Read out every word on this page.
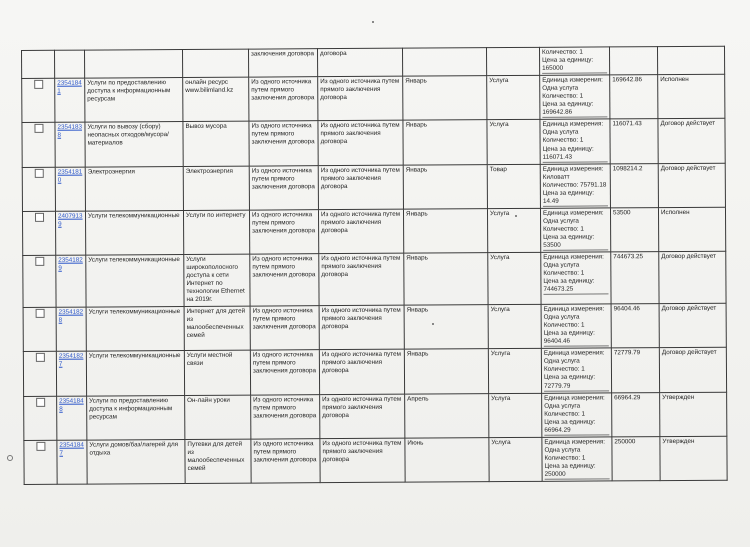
				заключения договора	договора			Количество: 1
Цена за единицу: 165000		

	23541841	Услуги по предоставлению доступа к информационным ресурсам	онлайн ресурс www.bilimland.kz	Из одного источника путем прямого заключения договора	Из одного источника путем прямого заключения договора	Январь	Услуга	Единица измерения: Одна услуга
Количество: 1
Цена за единицу: 169642.86	169642.86	Исполнен
	23541838	Услуги по вывозу (сбору) неопасных отходов/мусора/материалов	Вывоз мусора	Из одного источника путем прямого заключения договора	Из одного источника путем прямого заключения договора	Январь	Услуга	Единица измерения: Одна услуга
Количество: 1
Цена за единицу: 116071.43	116071.43	Договор действует
	23541810	Электроэнергия	Электроэнергия	Из одного источника путем прямого заключения договора	Из одного источника путем прямого заключения договора	Январь	Товар	Единица измерения: Киловатт
Количество: 75791.18
Цена за единицу: 14.49	1098214.2	Договор действует
	24079139	Услуги телекоммуникационные	Услуги по интернету	Из одного источника путем прямого заключения договора	Из одного источника путем прямого заключения договора	Январь	Услуга	Единица измерения: Одна услуга
Количество: 1
Цена за единицу: 53500	53500	Исполнен
	23541829	Услуги телекоммуникационные	Услуги широкополосного доступа к сети Интернет по технологии Ethernet на 2019г.	Из одного источника путем прямого заключения договора	Из одного источника путем прямого заключения договора	Январь	Услуга	Единица измерения: Одна услуга
Количество: 1
Цена за единицу: 744673.25	744673.25	Договор действует
	23541828	Услуги телекоммуникационные	Интернет для детей из малообеспеченных семей	Из одного источника путем прямого заключения договора	Из одного источника путем прямого заключения договора	Январь	Услуга	Единица измерения: Одна услуга
Количество: 1
Цена за единицу: 96404.46	96404.46	Договор действует
	23541827	Услуги телекоммуникационные	Услуги местной связи	Из одного источника путем прямого заключения договора	Из одного источника путем прямого заключения договора	Январь	Услуга	Единица измерения: Одна услуга
Количество: 1
Цена за единицу: 72779.79	72779.79	Договор действует
	23541848	Услуги по предоставлению доступа к информационным ресурсам	Он-лайн уроки	Из одного источника путем прямого заключения договора	Из одного источника путем прямого заключения договора	Апрель	Услуга	Единица измерения: Одна услуга
Количество: 1
Цена за единицу: 66964.29	66964.29	Утвержден
	23541847	Услуги домов/баз/лагерей для отдыха	Путевки для детей из малообеспеченных семей	Из одного источника путем прямого заключения договора	Из одного источника путем прямого заключения договора	Июнь	Услуга	Единица измерения: Одна услуга
Количество: 1
Цена за единицу: 250000	250000	Утвержден
